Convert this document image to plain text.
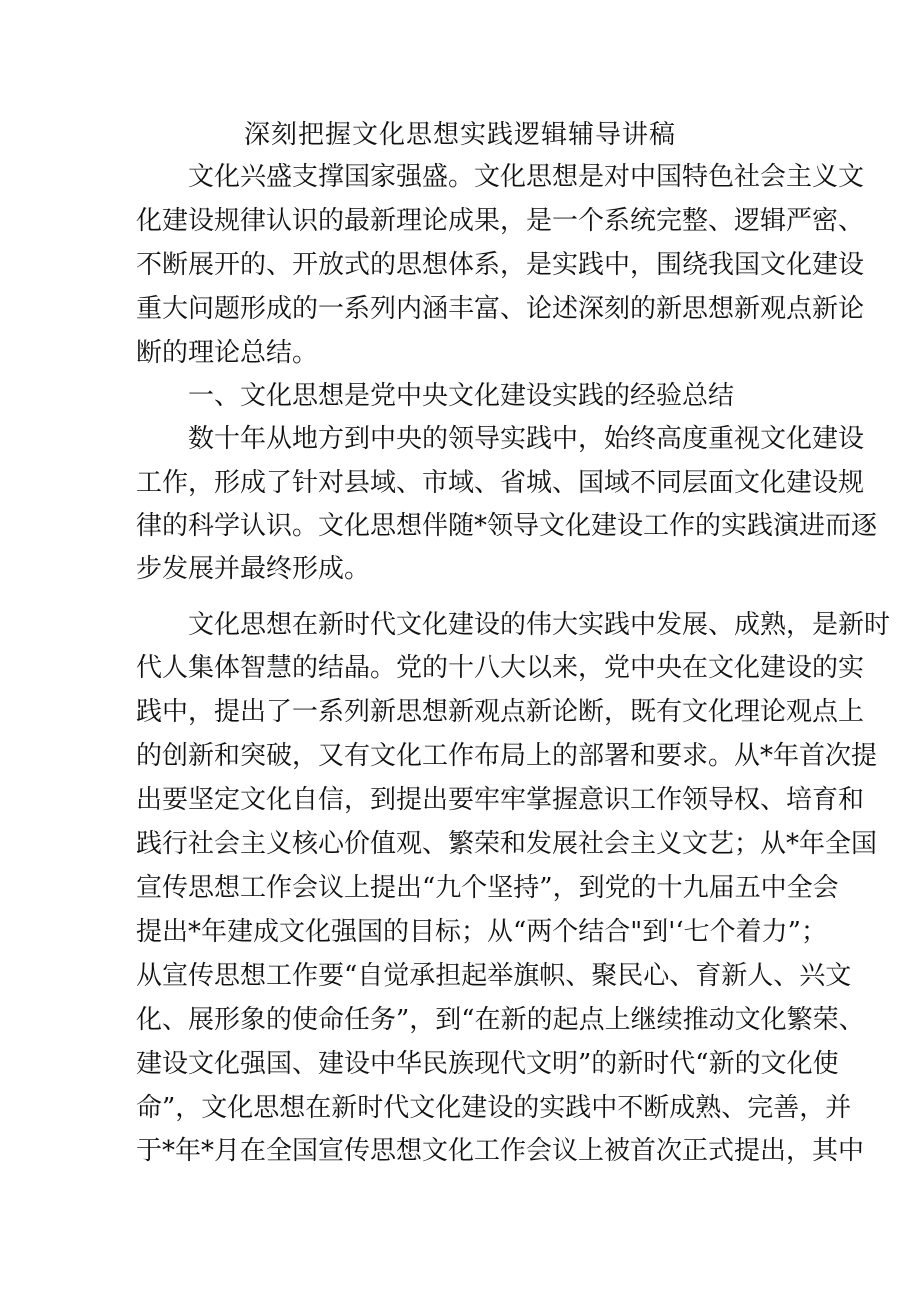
深刻把握文化思想实践逻辑辅导讲稿

文化兴盛支撑国家强盛。文化思想是对中国特色社会主义文

化建设规律认识的最新理论成果，是一个系统完整、逻辑严密、

不断展开的、开放式的思想体系，是实践中，围绕我国文化建设

重大问题形成的一系列内涵丰富、论述深刻的新思想新观点新论

断的理论总结。

一、文化思想是党中央文化建设实践的经验总结

数十年从地方到中央的领导实践中，始终高度重视文化建设

工作，形成了针对县域、市域、省城、国域不同层面文化建设规

律的科学认识。文化思想伴随*领导文化建设工作的实践演进而逐

步发展并最终形成。

文化思想在新时代文化建设的伟大实践中发展、成熟，是新时

代人集体智慧的结晶。党的十八大以来，党中央在文化建设的实

践中，提出了一系列新思想新观点新论断，既有文化理论观点上

的创新和突破，又有文化工作布局上的部署和要求。从*年首次提

出要坚定文化自信，到提出要牢牢掌握意识工作领导权、培育和

践行社会主义核心价值观、繁荣和发展社会主义文艺；从*年全国

宣传思想工作会议上提出“九个坚持”，到党的十九届五中全会

提出*年建成文化强国的目标；从“两个结合"到'‘七个着力”；

从宣传思想工作要“自觉承担起举旗帜、聚民心、育新人、兴文

化、展形象的使命任务”，到“在新的起点上继续推动文化繁荣、

建设文化强国、建设中华民族现代文明”的新时代“新的文化使

命”，文化思想在新时代文化建设的实践中不断成熟、完善，并

于*年*月在全国宣传思想文化工作会议上被首次正式提出，其中
